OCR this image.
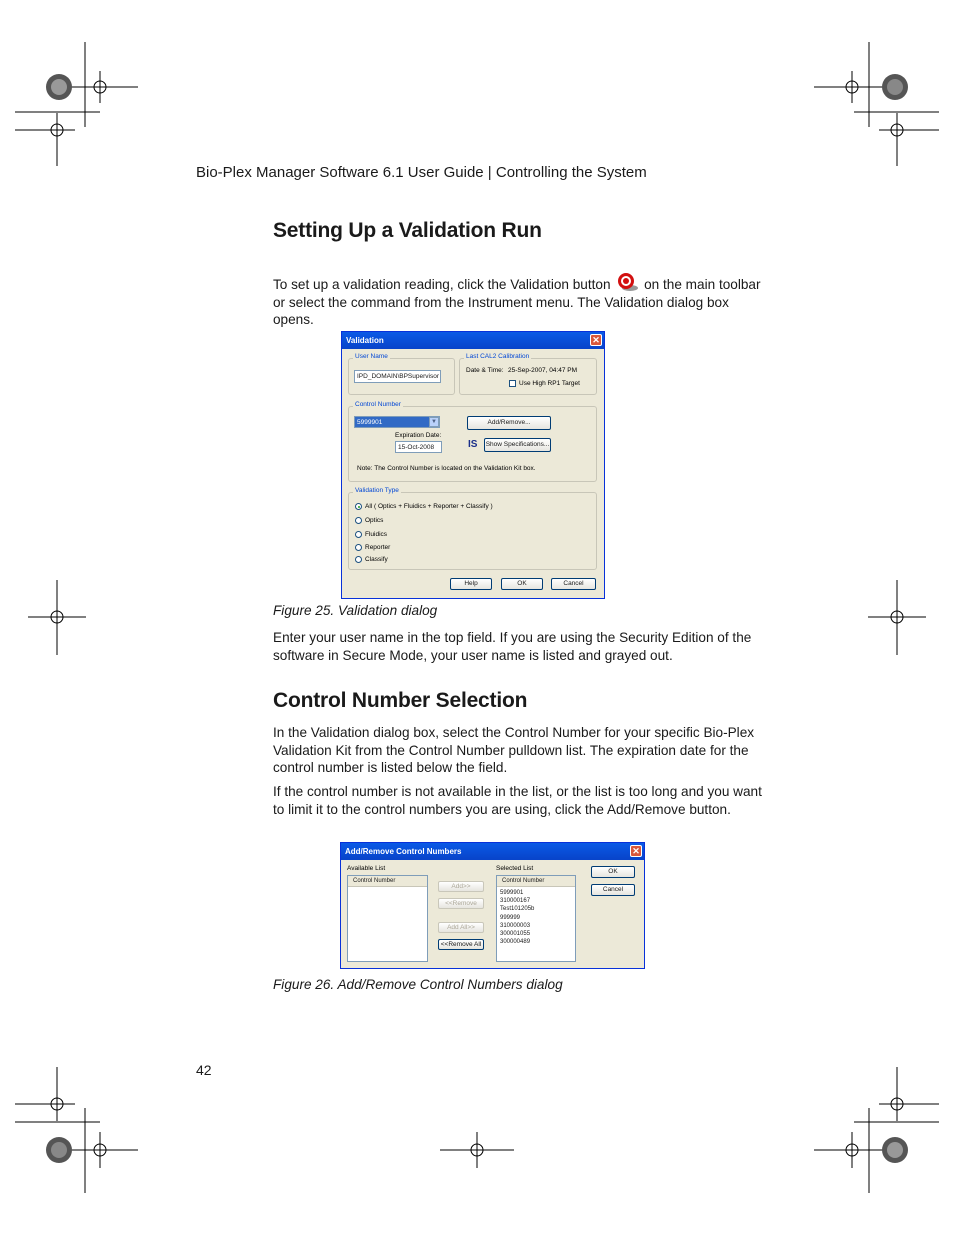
Bio-Plex Manager Software 6.1 User Guide | Controlling the System
Setting Up a Validation Run
To set up a validation reading, click the Validation button on the main toolbar or select the command from the Instrument menu. The Validation dialog box opens.
Validation	✕
User Name
IPD_DOMAIN\BPSupervisor
Last CAL2 Calibration
Date & Time: 25-Sep-2007, 04:47 PM
Use High RP1 Target
Control Number
5999901	▼	Add/Remove...
Expiration Date:
15-Oct-2008	IS Show Specifications...
Note: The Control Number is located on the Validation Kit box.
Validation Type
All ( Optics + Fluidics + Reporter + Classify )
Optics
Fluidics
Reporter
Classify
Help	OK	Cancel
Figure 25. Validation dialog
Enter your user name in the top field. If you are using the Security Edition of the software in Secure Mode, your user name is listed and grayed out.
Control Number Selection
In the Validation dialog box, select the Control Number for your specific Bio-Plex Validation Kit from the Control Number pulldown list. The expiration date for the control number is listed below the field.
If the control number is not available in the list, or the list is too long and you want to limit it to the control numbers you are using, click the Add/Remove button.
Add/Remove Control Numbers	✕
Available List
Control Number
Add>>
<<Remove
Add All>>
<<Remove All
Selected List
Control Number
5999901
310000167
Test101205b
999999
310000003
300001055
300000489
OK
Cancel
Figure 26. Add/Remove Control Numbers dialog
42
